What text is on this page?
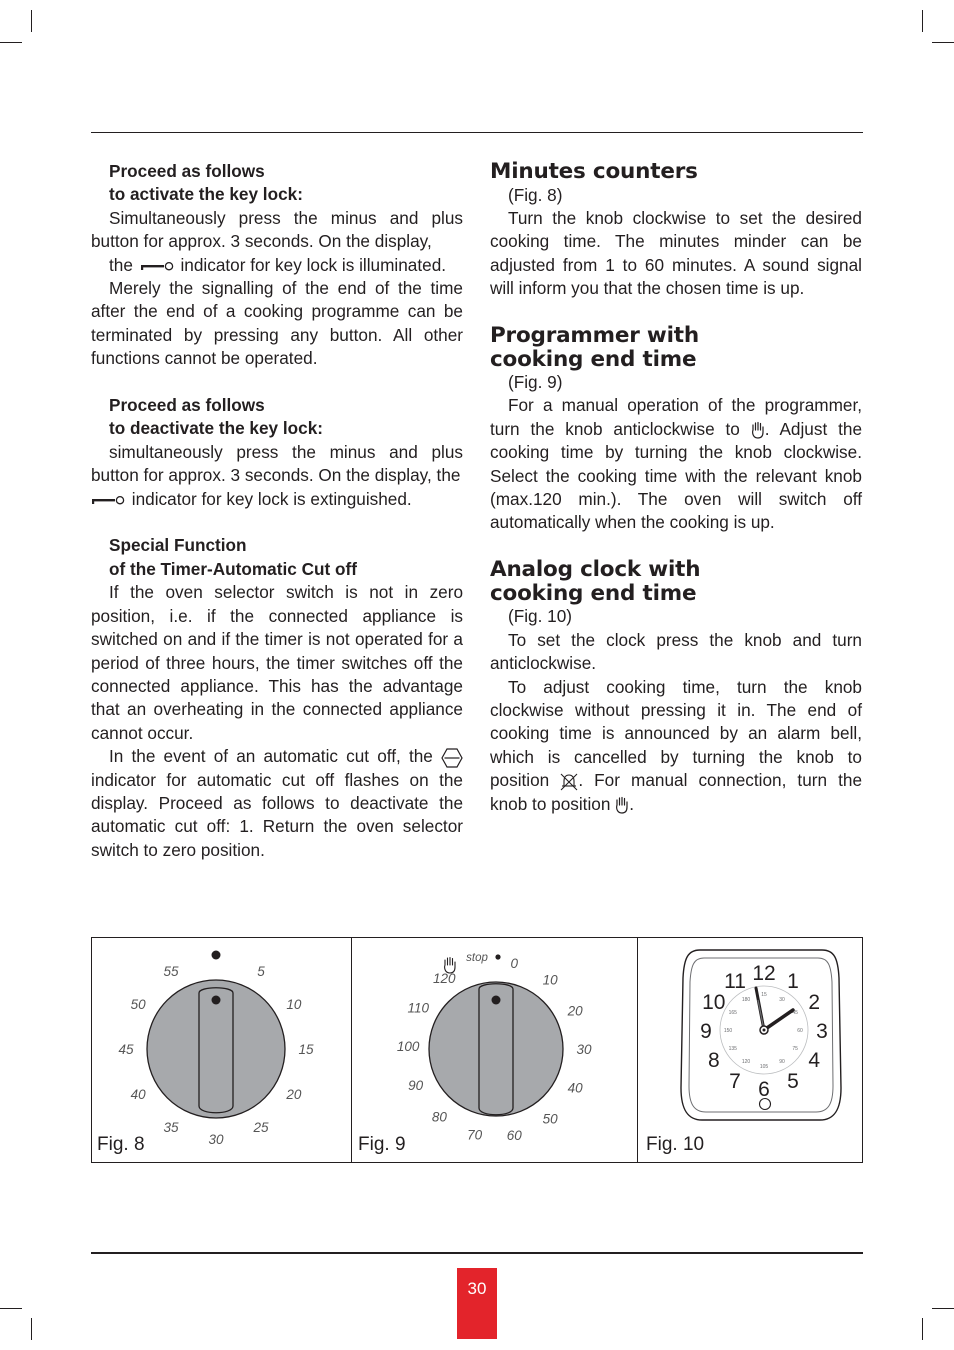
Proceed as follows

to activate the key lock:

Simultaneously press the minus and plus button for approx. 3 seconds. On the display,

the	indicator for key lock is illuminated.

Merely the signalling of the end of the time after the end of a cooking programme can be terminated by pressing any button. All other functions cannot be operated.

Proceed as follows

to deactivate the key lock:

simultaneously press the minus and plus button for approx. 3 seconds. On the display, the

indicator for key lock is extinguished.

Special Function

of the Timer-Automatic Cut off

If the oven selector switch is not in zero position, i.e. if the connected appliance is switched on and if the timer is not operated for a period of three hours, the timer switches off the connected appliance. This has the advantage that an overheating in the connected appliance cannot occur.

In the event of an automatic cut off, the  indicator for automatic cut off flashes on the display. Proceed as follows to deactivate the automatic cut off: 1. Return the oven selector switch to zero position.

Minutes counters

(Fig. 8)

Turn the knob clockwise to set the desired cooking time. The minutes minder can be adjusted from 1 to 60 minutes. A sound signal will inform you that the chosen time is up.

Programmer with

cooking end time

(Fig. 9)

For a manual operation of the programmer, turn the knob anticlockwise to . Adjust the cooking time by turning the knob clockwise. Select the cooking time with the relevant knob (max.120 min.). The oven will switch off automatically when the cooking is up.

Analog clock with

cooking end time

(Fig. 10)

To set the clock press the knob and turn anticlockwise.

To adjust cooking time, turn the knob clockwise without pressing it in. The end of cooking time is announced by an alarm bell, which is cancelled by turning the knob to position . For manual connection, turn the knob to position .

5
10
15
20
25
30
35
40
45
50
55
Fig. 8
stop 0
10
20
30
40
50
60
70
80
90
100
110
120
Fig. 9
12 1
2
3
4
5
6
7
8
9
10
11
180
165
150
135
120
105
90
75
60
45
30
15
Fig. 10
30
